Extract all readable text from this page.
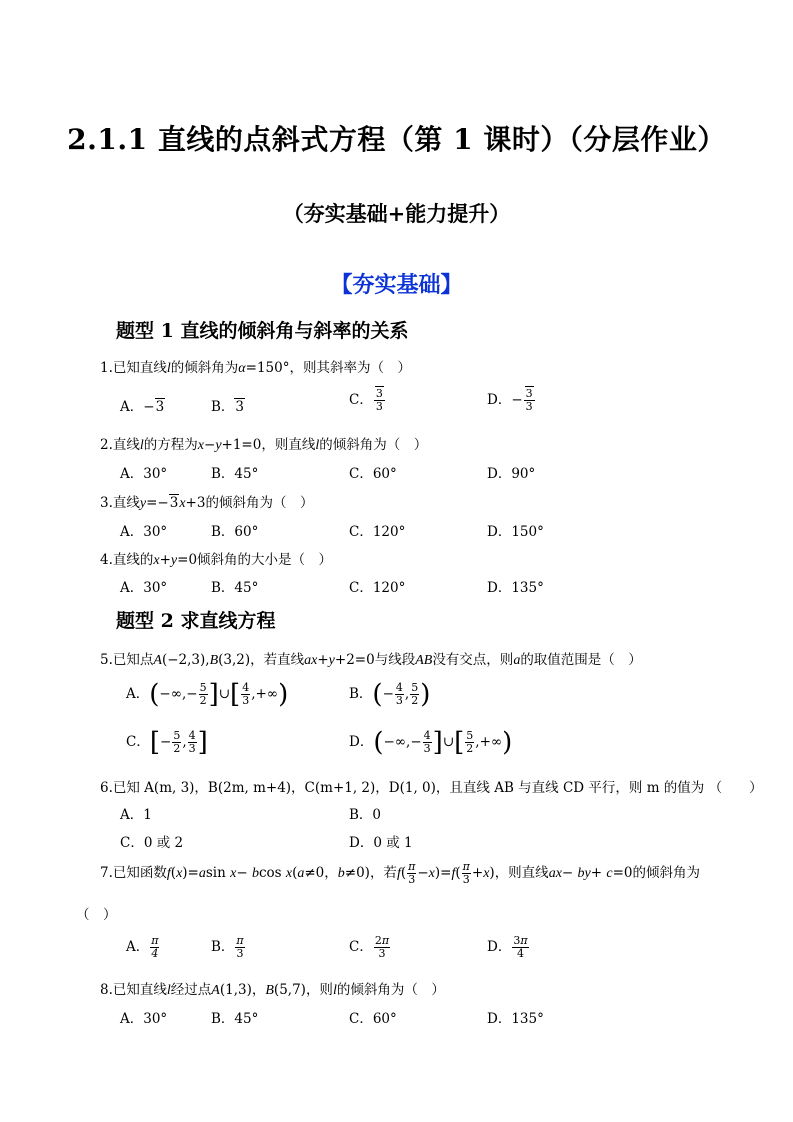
2.1.1 直线的点斜式方程（第 1 课时）（分层作业）
（夯实基础+能力提升）
【夯实基础】
题型 1 直线的倾斜角与斜率的关系
1.已知直线l的倾斜角为α=150°，则其斜率为（　）
A．−3	B．3	C． $\frac{3}{3}$	D．− $\frac{3}{3}$
2.直线l的方程为x−y+1=0，则直线l的倾斜角为（　）
A．30°	B．45°	C．60°	D．90°
3.直线y=−3x+3的倾斜角为（　）
A．30°	B．60°	C．120°	D．150°
4.直线的x+y=0倾斜角的大小是（　）
A．30°	B．45°	C．120°	D．135°
题型 2 求直线方程
5.已知点A(−2,3),B(3,2)，若直线ax+y+2=0与线段AB没有交点，则a的取值范围是（　）
A．(−∞,− $\frac{5}{2}$ ]∪[ $\frac{4}{3}$ ,+∞)	B．(− $\frac{4}{3}$ , $\frac{5}{2}$ )
C．[− $\frac{5}{2}$ , $\frac{4}{3}$ ]	D．(−∞,− $\frac{4}{3}$ ]∪[ $\frac{5}{2}$ ,+∞)
6.已知 A(m, 3)，B(2m, m+4)，C(m+1, 2)，D(1, 0)，且直线 AB 与直线 CD 平行，则 m 的值为 （　　）
A．1	B．0
C．0 或 2	D．0 或 1
7.已知函数f(x)=asin x− bcos x(a≠0，b≠0)，若$f( \frac{\pi}{3} -x)=f( \frac{\pi}{3} +x)$，则直线ax− by+ c=0的倾斜角为
（　）
A． $\frac{\pi}{4}$	B． $\frac{\pi}{3}$	C． $\frac{2\pi}{3}$	D． $\frac{3\pi}{4}$
8.已知直线l经过点A(1,3)，B(5,7)，则l的倾斜角为（　）
A．30°	B．45°	C．60°	D．135°
